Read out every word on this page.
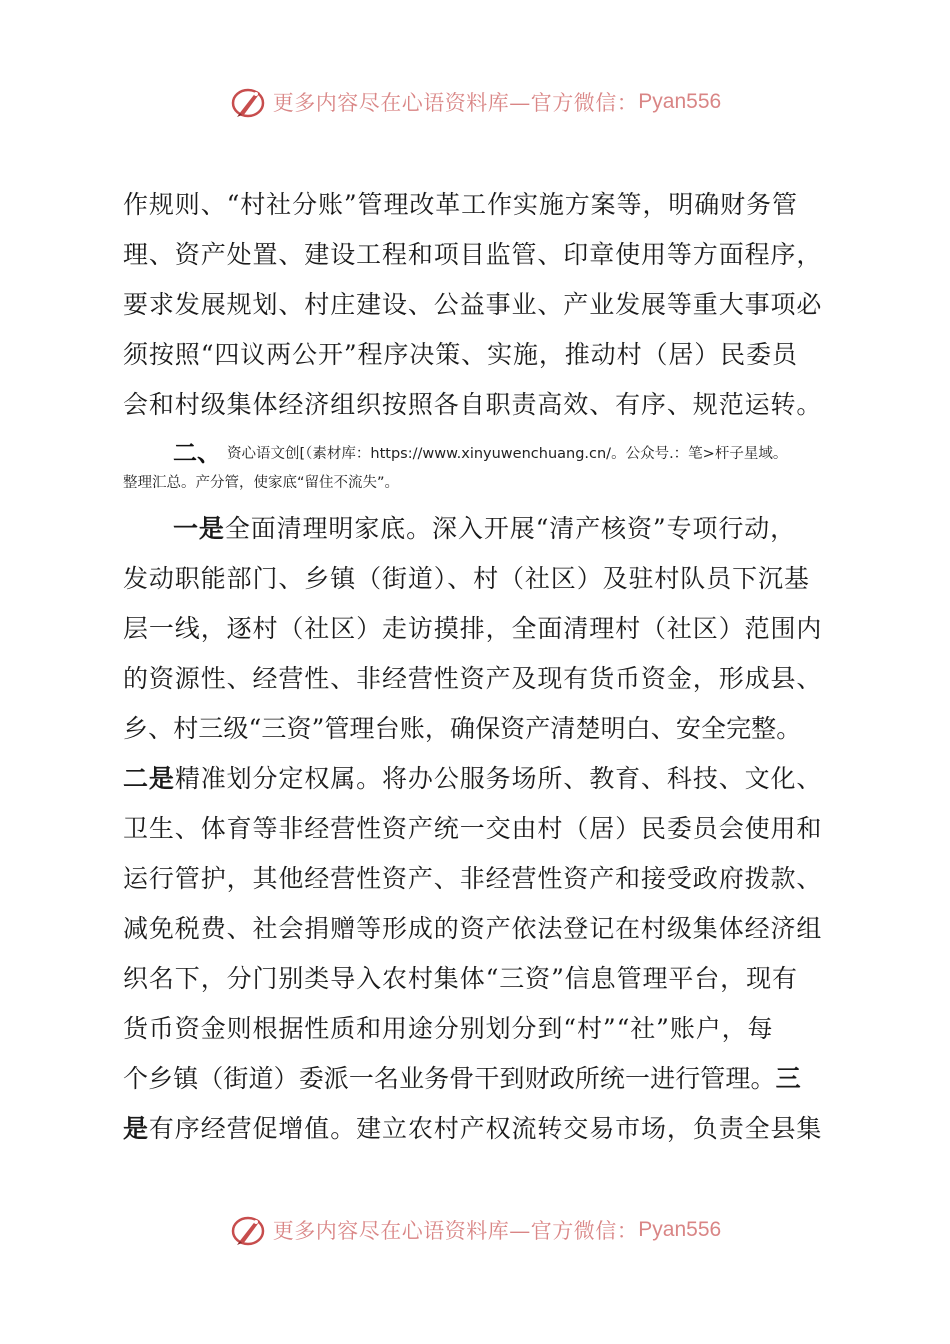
更多内容尽在心语资料库—官方微信： Pyan556
作规则、“村社分账”管理改革工作实施方案等，明确财务管
理、资产处置、建设工程和项目监管、印章使用等方面程序，
要求发展规划、村庄建设、公益事业、产业发展等重大事项必
须按照“四议两公开”程序决策、实施，推动村（居）民委员
会和村级集体经济组织按照各自职责高效、有序、规范运转。
二、 资心语文创[（素材库：https://www.xinyuwenchuang.cn/。公众号.：笔>杆子星域。
整理汇总。产分管，使家底“留住不流失”。
一是全面清理明家底。深入开展“清产核资”专项行动，
发动职能部门、乡镇（街道）、村（社区）及驻村队员下沉基
层一线，逐村（社区）走访摸排，全面清理村（社区）范围内
的资源性、经营性、非经营性资产及现有货币资金，形成县、
乡、村三级“三资”管理台账，确保资产清楚明白、安全完整。
二是精准划分定权属。将办公服务场所、教育、科技、文化、
卫生、体育等非经营性资产统一交由村（居）民委员会使用和
运行管护，其他经营性资产、非经营性资产和接受政府拨款、
减免税费、社会捐赠等形成的资产依法登记在村级集体经济组
织名下，分门别类导入农村集体“三资”信息管理平台，现有
货币资金则根据性质和用途分别划分到“村”“社”账户，每
个乡镇（街道）委派一名业务骨干到财政所统一进行管理。三
是有序经营促增值。建立农村产权流转交易市场，负责全县集
更多内容尽在心语资料库—官方微信： Pyan556
